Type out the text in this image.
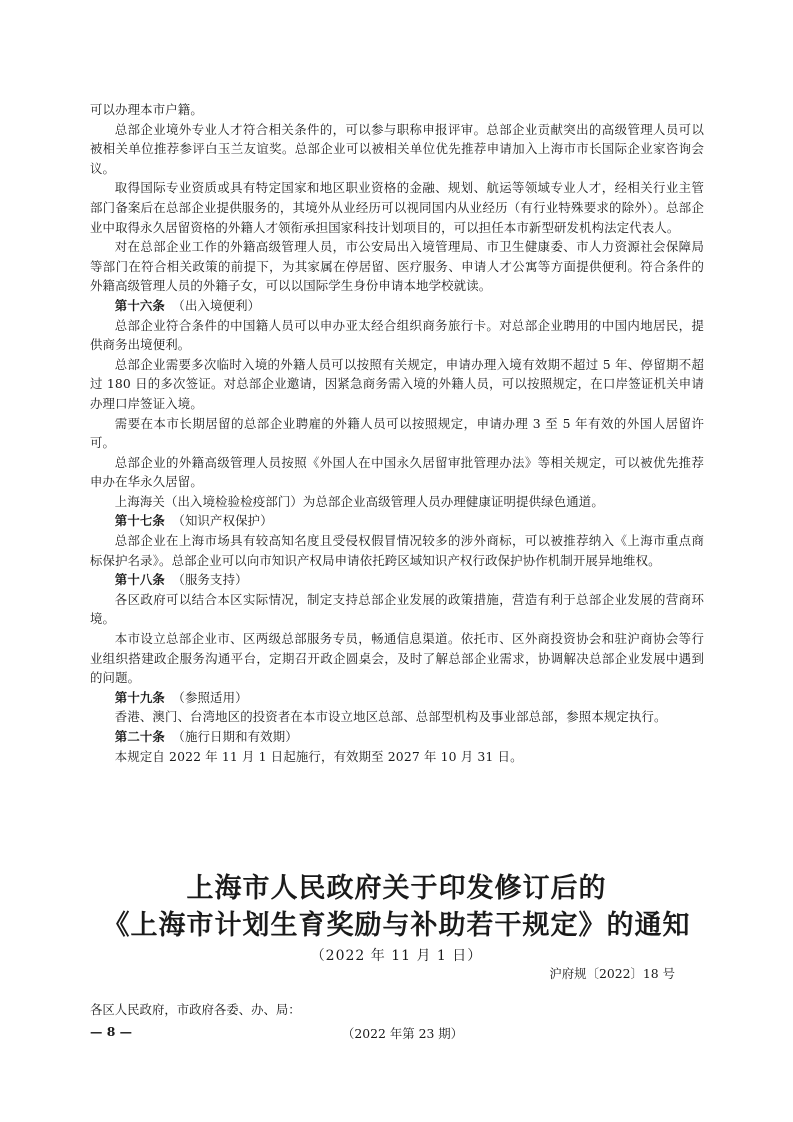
可以办理本市户籍。

总部企业境外专业人才符合相关条件的，可以参与职称申报评审。总部企业贡献突出的高级管理人员可以被相关单位推荐参评白玉兰友谊奖。总部企业可以被相关单位优先推荐申请加入上海市市长国际企业家咨询会议。

取得国际专业资质或具有特定国家和地区职业资格的金融、规划、航运等领域专业人才，经相关行业主管部门备案后在总部企业提供服务的，其境外从业经历可以视同国内从业经历（有行业特殊要求的除外）。总部企业中取得永久居留资格的外籍人才领衔承担国家科技计划项目的，可以担任本市新型研发机构法定代表人。

对在总部企业工作的外籍高级管理人员，市公安局出入境管理局、市卫生健康委、市人力资源社会保障局等部门在符合相关政策的前提下，为其家属在停居留、医疗服务、申请人才公寓等方面提供便利。符合条件的外籍高级管理人员的外籍子女，可以以国际学生身份申请本地学校就读。

第十六条 （出入境便利）

总部企业符合条件的中国籍人员可以申办亚太经合组织商务旅行卡。对总部企业聘用的中国内地居民，提供商务出境便利。

总部企业需要多次临时入境的外籍人员可以按照有关规定，申请办理入境有效期不超过 5 年、停留期不超过 180 日的多次签证。对总部企业邀请，因紧急商务需入境的外籍人员，可以按照规定，在口岸签证机关申请办理口岸签证入境。

需要在本市长期居留的总部企业聘雇的外籍人员可以按照规定，申请办理 3 至 5 年有效的外国人居留许可。

总部企业的外籍高级管理人员按照《外国人在中国永久居留审批管理办法》等相关规定，可以被优先推荐申办在华永久居留。

上海海关（出入境检验检疫部门）为总部企业高级管理人员办理健康证明提供绿色通道。

第十七条 （知识产权保护）

总部企业在上海市场具有较高知名度且受侵权假冒情况较多的涉外商标，可以被推荐纳入《上海市重点商标保护名录》。总部企业可以向市知识产权局申请依托跨区域知识产权行政保护协作机制开展异地维权。

第十八条 （服务支持）

各区政府可以结合本区实际情况，制定支持总部企业发展的政策措施，营造有利于总部企业发展的营商环境。

本市设立总部企业市、区两级总部服务专员，畅通信息渠道。依托市、区外商投资协会和驻沪商协会等行业组织搭建政企服务沟通平台，定期召开政企圆桌会，及时了解总部企业需求，协调解决总部企业发展中遇到的问题。

第十九条 （参照适用）

香港、澳门、台湾地区的投资者在本市设立地区总部、总部型机构及事业部总部，参照本规定执行。

第二十条 （施行日期和有效期）

本规定自 2022 年 11 月 1 日起施行，有效期至 2027 年 10 月 31 日。

上海市人民政府关于印发修订后的
《上海市计划生育奖励与补助若干规定》的通知

（2022 年 11 月 1 日）

沪府规〔2022〕18 号
各区人民政府，市政府各委、办、局：
— 8 —	（2022 年第 23 期）
